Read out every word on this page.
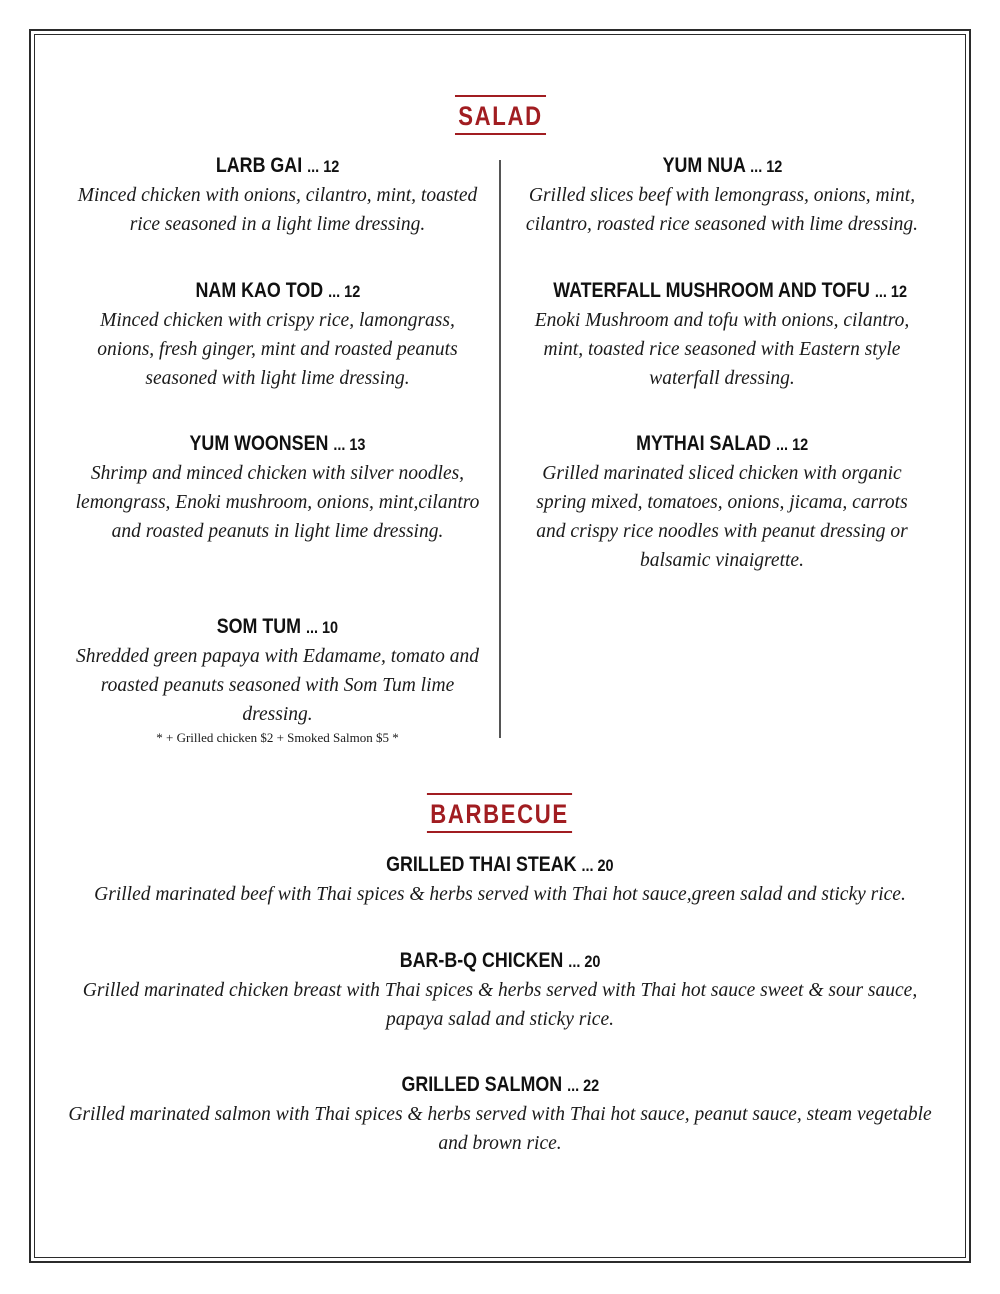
SALAD
LARB GAI ... 12

Minced chicken with onions, cilantro, mint, toasted rice seasoned in a light lime dressing.

NAM KAO TOD ... 12

Minced chicken with crispy rice, lamongrass, onions, fresh ginger, mint and roasted peanuts seasoned with light lime dressing.

YUM WOONSEN ... 13

Shrimp and minced chicken with silver noodles, lemongrass, Enoki mushroom, onions, mint,cilantro and roasted peanuts in light lime dressing.

SOM TUM ... 10

Shredded green papaya with Edamame, tomato and roasted peanuts seasoned with Som Tum lime dressing.

* + Grilled chicken $2 + Smoked Salmon $5 *

YUM NUA ... 12

Grilled slices beef with lemongrass, onions, mint, cilantro, roasted rice seasoned with lime dressing.

WATERFALL MUSHROOM AND TOFU ... 12

Enoki Mushroom and tofu with onions, cilantro, mint, toasted rice seasoned with Eastern style waterfall dressing.

MYTHAI SALAD ... 12

Grilled marinated sliced chicken with organic spring mixed, tomatoes, onions, jicama, carrots and crispy rice noodles with peanut dressing or balsamic vinaigrette.

BARBECUE
GRILLED THAI STEAK ... 20

Grilled marinated beef with Thai spices & herbs served with Thai hot sauce,green salad and sticky rice.

BAR-B-Q CHICKEN ... 20

Grilled marinated chicken breast with Thai spices & herbs served with Thai hot sauce sweet & sour sauce, papaya salad and sticky rice.

GRILLED SALMON ... 22

Grilled marinated salmon with Thai spices & herbs served with Thai hot sauce, peanut sauce, steam vegetable and brown rice.
